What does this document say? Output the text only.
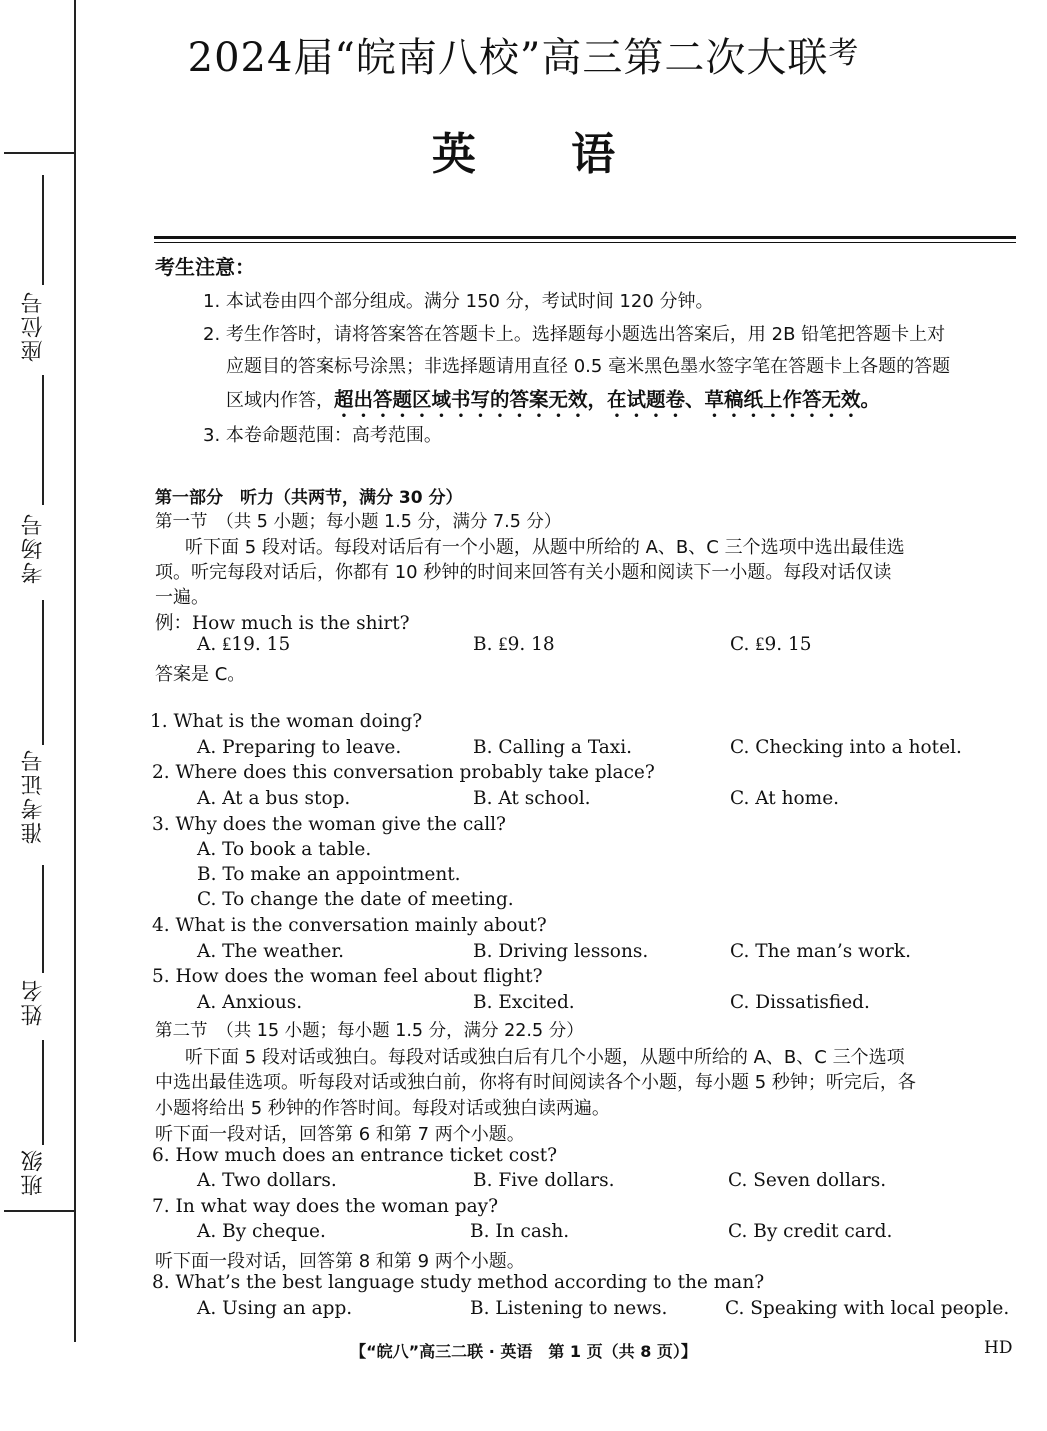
座位号
考场号
准考证号
姓名
班级
2024届“皖南八校”高三第二次大联$^考$
英 语
考生注意：
1. 本试卷由四个部分组成。满分 150 分，考试时间 120 分钟。
2. 考生作答时，请将答案答在答题卡上。选择题每小题选出答案后，用 2B 铅笔把答题卡上对
应题目的答案标号涂黑；非选择题请用直径 0.5 毫米黑色墨水签字笔在答题卡上各题的答题
区域内作答，超出答题区域书写的答案无效，在试题卷、草稿纸上作答无效。
3. 本卷命题范围：高考范围。
第一部分　听力（共两节，满分 30 分）
第一节　（共 5 小题；每小题 1.5 分，满分 7.5 分）
听下面 5 段对话。每段对话后有一个小题，从题中所给的 A、B、C 三个选项中选出最佳选
项。听完每段对话后，你都有 10 秒钟的时间来回答有关小题和阅读下一小题。每段对话仅读
一遍。
例：How much is the shirt?
A. ₤19. 15	B. ₤9. 18	C. ₤9. 15
答案是 C。
1. What is the woman doing?
A. Preparing to leave.	B. Calling a Taxi.	C. Checking into a hotel.
2. Where does this conversation probably take place?
A. At a bus stop.	B. At school.	C. At home.
3. Why does the woman give the call?
A. To book a table.
B. To make an appointment.
C. To change the date of meeting.
4. What is the conversation mainly about?
A. The weather.	B. Driving lessons.	C. The man’s work.
5. How does the woman feel about flight?
A. Anxious.	B. Excited.	C. Dissatisfied.
第二节　（共 15 小题；每小题 1.5 分，满分 22.5 分）
听下面 5 段对话或独白。每段对话或独白后有几个小题，从题中所给的 A、B、C 三个选项
中选出最佳选项。听每段对话或独白前，你将有时间阅读各个小题，每小题 5 秒钟；听完后，各
小题将给出 5 秒钟的作答时间。每段对话或独白读两遍。
听下面一段对话，回答第 6 和第 7 两个小题。
6. How much does an entrance ticket cost?
A. Two dollars.	B. Five dollars.	C. Seven dollars.
7. In what way does the woman pay?
A. By cheque.	B. In cash.	C. By credit card.
听下面一段对话，回答第 8 和第 9 两个小题。
8. What’s the best language study method according to the man?
A. Using an app.	B. Listening to news.	C. Speaking with local people.
【“皖八”高三二联 · 英语　第 1 页（共 8 页）】	HD
